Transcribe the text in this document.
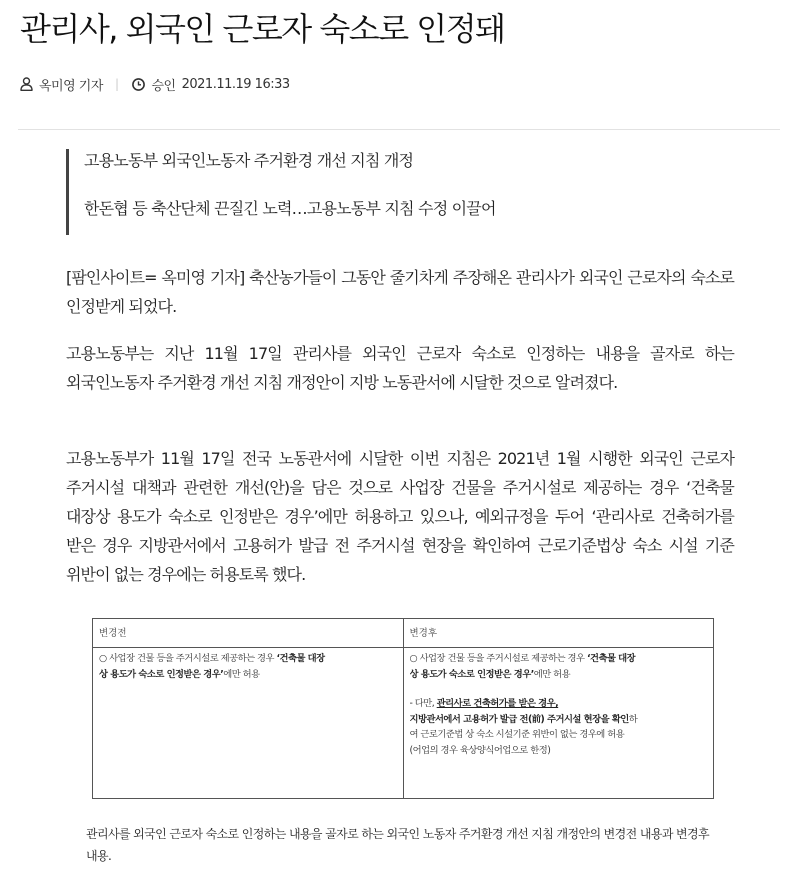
관리사, 외국인 근로자 숙소로 인정돼
옥미영 기자 |	승인 2021.11.19 16:33
고용노동부 외국인노동자 주거환경 개선 지침 개정
한돈협 등 축산단체 끈질긴 노력…고용노동부 지침 수정 이끌어

[팜인사이트= 옥미영 기자] 축산농가들이 그동안 줄기차게 주장해온 관리사가 외국인 근로자의 숙소로 인정받게 되었다.

고용노동부는 지난 11월 17일 관리사를 외국인 근로자 숙소로 인정하는 내용을 골자로 하는 외국인노동자 주거환경 개선 지침 개정안이 지방 노동관서에 시달한 것으로 알려졌다.

고용노동부가 11월 17일 전국 노동관서에 시달한 이번 지침은 2021년 1월 시행한 외국인 근로자 주거시설 대책과 관련한 개선(안)을 담은 것으로 사업장 건물을 주거시설로 제공하는 경우 ‘건축물 대장상 용도가 숙소로 인정받은 경우’에만 허용하고 있으나, 예외규정을 두어 ‘관리사로 건축허가를 받은 경우 지방관서에서 고용허가 발급 전 주거시설 현장을 확인하여 근로기준법상 숙소 시설 기준 위반이 없는 경우에는 허용토록 했다.

변경전
○ 사업장 건물 등을 주거시설로 제공하는 경우 ‘건축물 대장
상 용도가 숙소로 인정받은 경우’에만 허용
변경후
○ 사업장 건물 등을 주거시설로 제공하는 경우 ‘건축물 대장
상 용도가 숙소로 인정받은 경우’에만 허용
- 다만, 관리사로 건축허가를 받은 경우,
지방관서에서 고용허가 발급 전(前) 주거시설 현장을 확인하
여 근로기준법 상 숙소 시설기준 위반이 없는 경우에 허용
(어업의 경우 육상양식어업으로 한정)

관리사를 외국인 근로자 숙소로 인정하는 내용을 골자로 하는 외국인 노동자 주거환경 개선 지침 개정안의 변경전 내용과 변경후 내용.
